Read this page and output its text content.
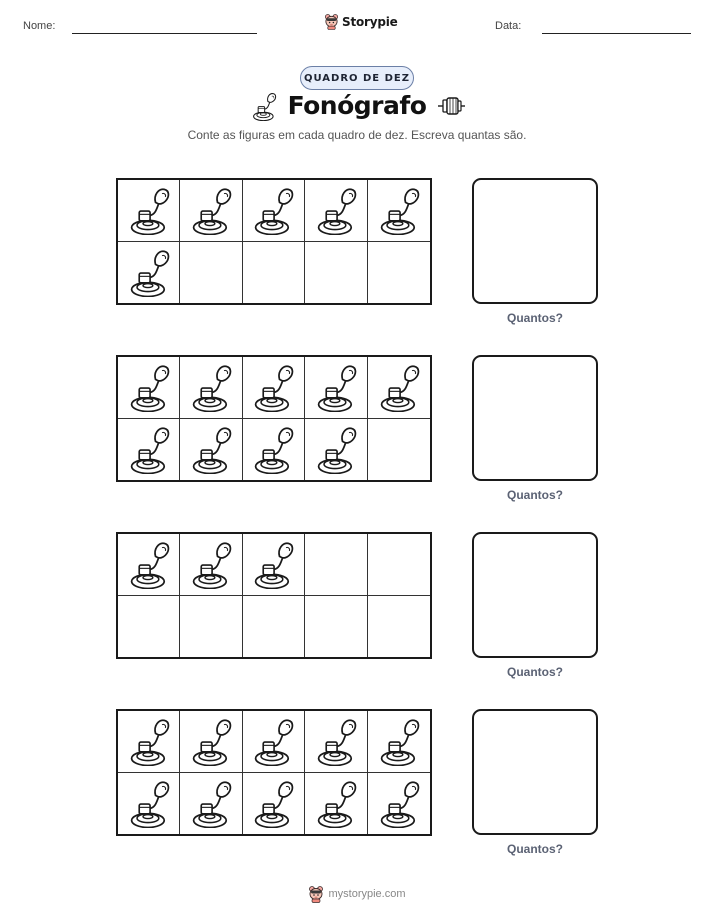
Nome:	Storypie	Data:
QUADRO DE DEZ
Fonógrafo
Conte as figuras em cada quadro de dez. Escreva quantas são.
Quantos?
Quantos?
Quantos?
Quantos?
mystorypie.com
